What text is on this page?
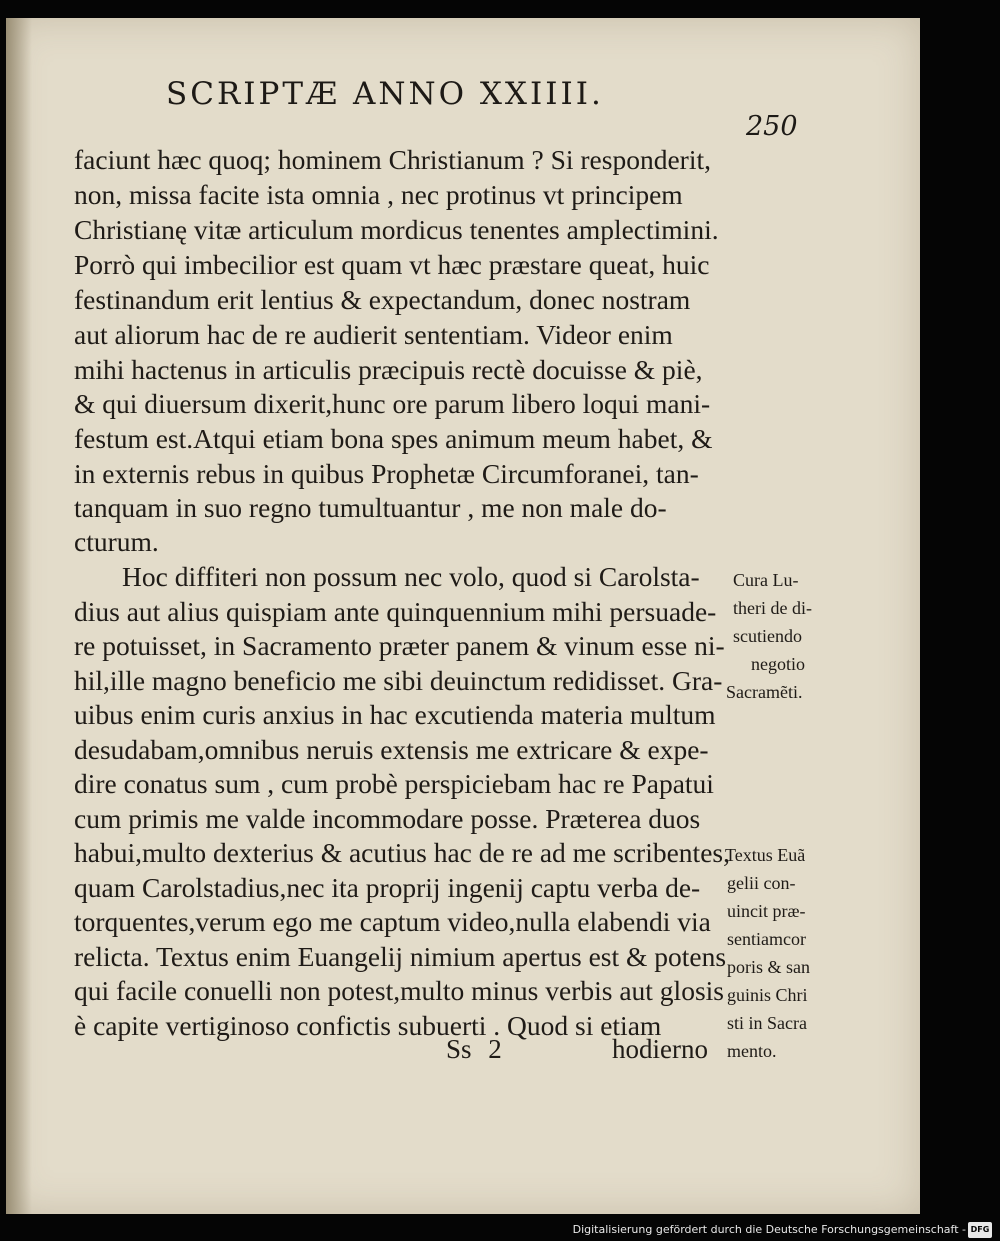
SCRIPTÆ ANNO XXIIII.
250
faciunt hæc quoq; hominem Christianum ? Si responderit,
non, missa facite ista omnia , nec protinus vt principem
Christianę vitæ articulum mordicus tenentes amplectimini.
Porrò qui imbecilior est quam vt hæc præstare queat, huic
festinandum erit lentius & expectandum, donec nostram
aut aliorum hac de re audierit sententiam. Videor enim
mihi hactenus in articulis præcipuis rectè docuisse & piè,
& qui diuersum dixerit,hunc ore parum libero loqui mani-
festum est.Atqui etiam bona spes animum meum habet, &
in externis rebus in quibus Prophetæ Circumforanei, tan-
tanquam in suo regno tumultuantur , me non male do-
cturum.
Hoc diffiteri non possum nec volo, quod si Carolsta-
dius aut alius quispiam ante quinquennium mihi persuade-
re potuisset, in Sacramento præter panem & vinum esse ni-
hil,ille magno beneficio me sibi deuinctum redidisset. Gra-
uibus enim curis anxius in hac excutienda materia multum
desudabam,omnibus neruis extensis me extricare & expe-
dire conatus sum , cum probè perspiciebam hac re Papatui
cum primis me valde incommodare posse. Præterea duos
habui,multo dexterius & acutius hac de re ad me scribentes,
quam Carolstadius,nec ita proprij ingenij captu verba de-
torquentes,verum ego me captum video,nulla elabendi via
relicta. Textus enim Euangelij nimium apertus est & potens
qui facile conuelli non potest,multo minus verbis aut glosis
è capite vertiginoso confictis subuerti . Quod si etiam
Cura Lu-
theri de di-
scutiendo
negotio
Sacramẽti.
Textus Euã
gelii con-
uincit præ-
sentiamcor
poris & san
guinis Chri
sti in Sacra
mento.
Ss 2	hodierno
Digitalisierung gefördert durch die Deutsche Forschungsgemeinschaft - DFG
